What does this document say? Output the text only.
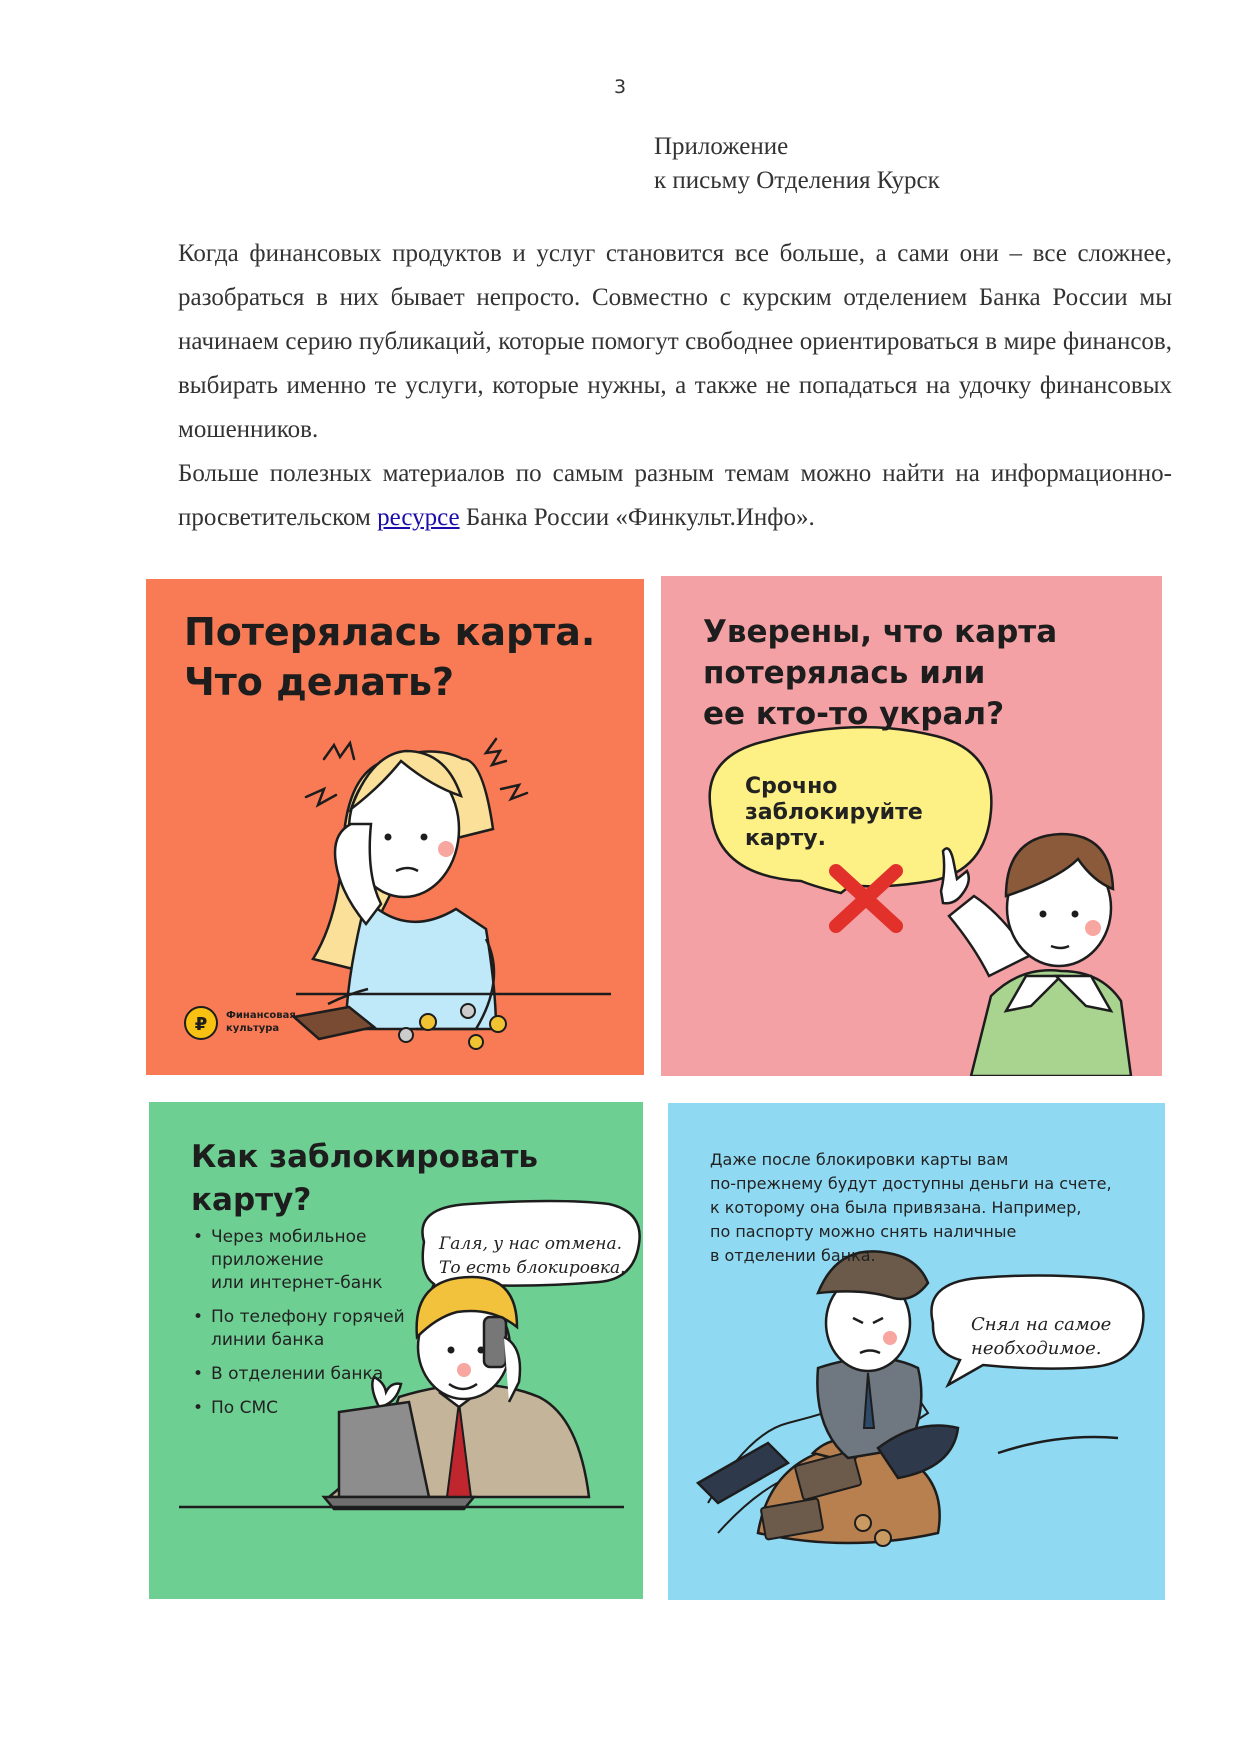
3
Приложение
к письму Отделения Курск

Когда финансовых продуктов и услуг становится все больше, а сами они – все сложнее, разобраться в них бывает непросто. Совместно с курским отделением Банка России мы начинаем серию публикаций, которые помогут свободнее ориентироваться в мире финансов, выбирать именно те услуги, которые нужны, а также не попадаться на удочку финансовых мошенников.

Больше полезных материалов по самым разным темам можно найти на информационно-просветительском ресурсе Банка России «Финкульт.Инфо».

Потерялась карта.
Что делать?
₽	Финансовая
культура
Уверены, что карта
потерялась или
ее кто-то украл?
Срочно
заблокируйте
карту.
Как заблокировать
карту?
• Через мобильное
приложение
или интернет-банк
• По телефону горячей
линии банка
• В отделении банка
• По СМС
Галя, у нас отмена.
То есть блокировка.
Даже после блокировки карты вам
по-прежнему будут доступны деньги на счете,
к которому она была привязана. Например,
по паспорту можно снять наличные
в отделении банка.
Снял на самое
необходимое.
